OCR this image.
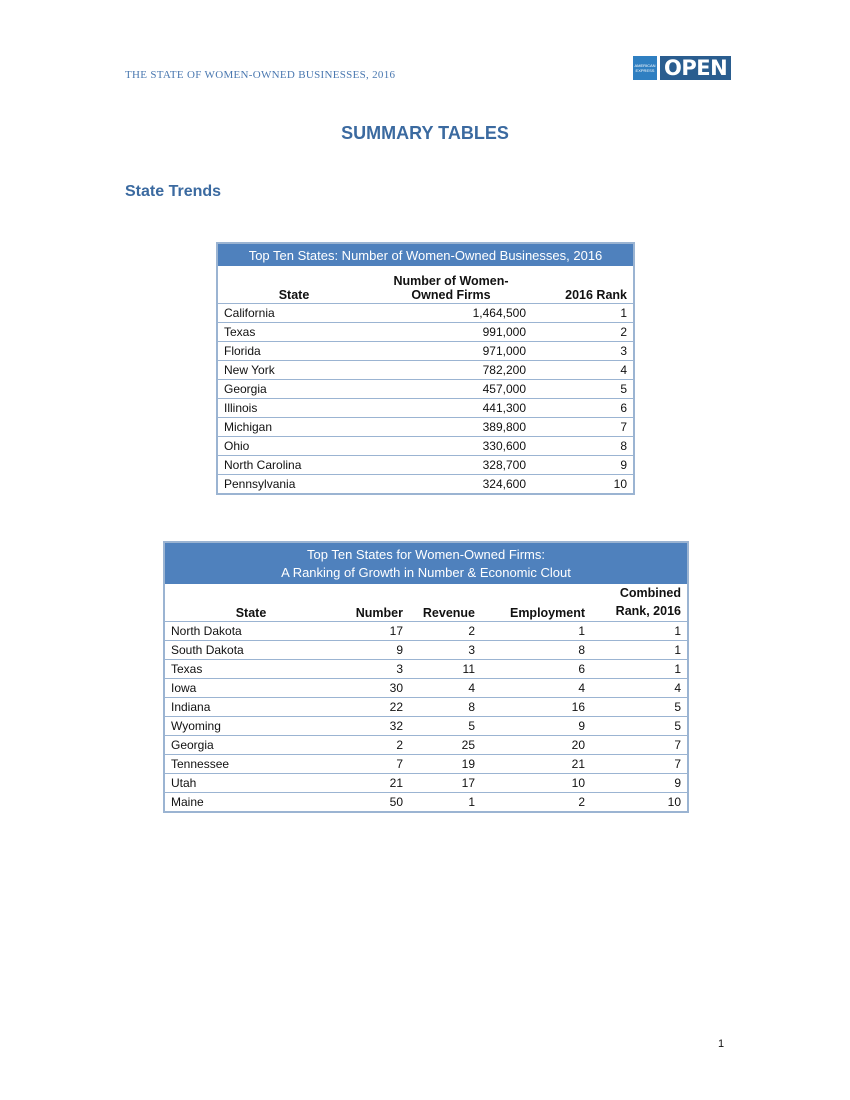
THE STATE OF WOMEN-OWNED BUSINESSES, 2016
AMERICAN EXPRESS OPEN
SUMMARY TABLES
State Trends
Top Ten States: Number of Women-Owned Businesses, 2016		
State	Number of Women-Owned Firms	2016 Rank
California	1,464,500	1
Texas	991,000	2
Florida	971,000	3
New York	782,200	4
Georgia	457,000	5
Illinois	441,300	6
Michigan	389,800	7
Ohio	330,600	8
North Carolina	328,700	9
Pennsylvania	324,600	10
Top Ten States for Women-Owned Firms:
A Ranking of Growth in Number & Economic Clout				

State	Number	Revenue	Employment	Combined Rank, 2016
North Dakota	17	2	1	1
South Dakota	9	3	8	1
Texas	3	11	6	1
Iowa	30	4	4	4
Indiana	22	8	16	5
Wyoming	32	5	9	5
Georgia	2	25	20	7
Tennessee	7	19	21	7
Utah	21	17	10	9
Maine	50	1	2	10
1
